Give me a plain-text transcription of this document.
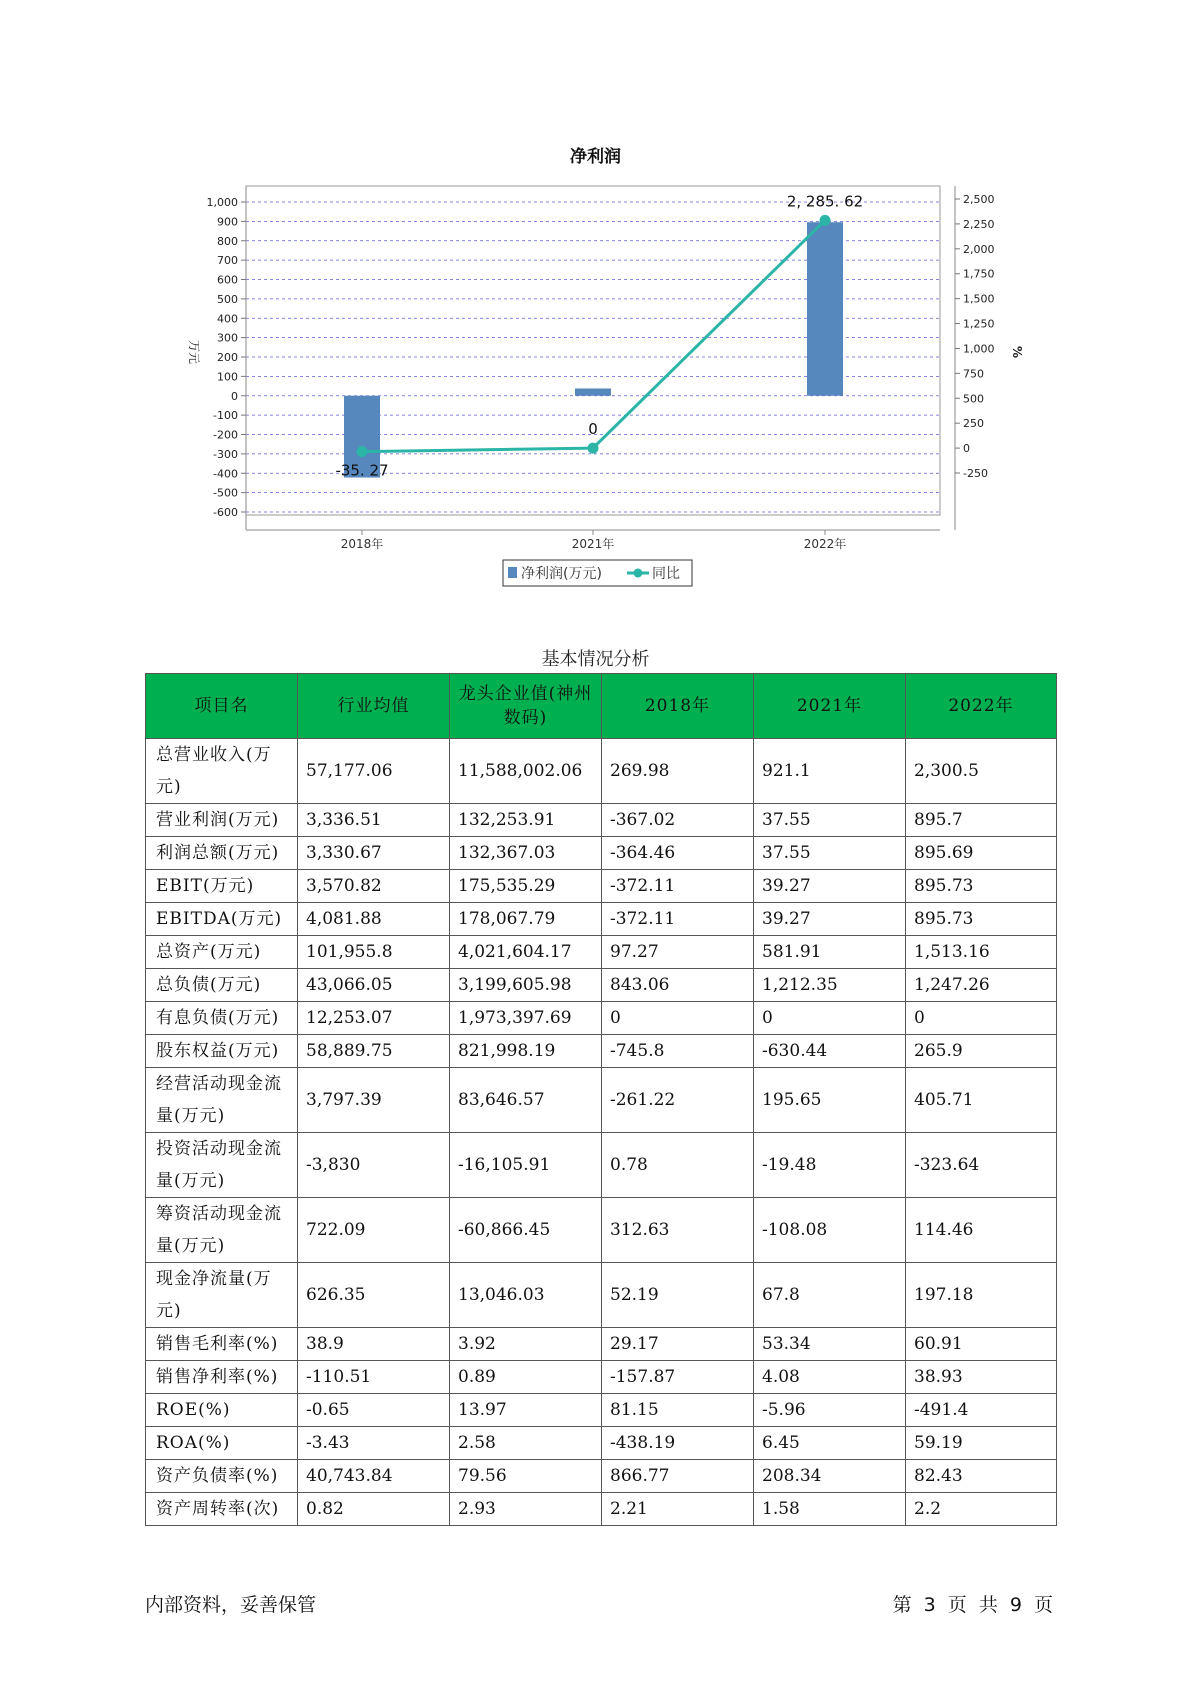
净利润
1,000
900
800
700
600
500
400
300
200
100
0
-100
-200
-300
-400
-500
-600
2,500
2,250
2,000
1,750
1,500
1,250
1,000
750
500
250
0
-250
2018年	2021年	2022年
万元	%
-35. 27
0
2, 285. 62
净利润(万元)	同比
基本情况分析
项目名	行业均值	龙头企业值(神州数码)	2018年	2021年	2022年
总营业收入(万元)	57,177.06	11,588,002.06	269.98	921.1	2,300.5
营业利润(万元)	3,336.51	132,253.91	-367.02	37.55	895.7
利润总额(万元)	3,330.67	132,367.03	-364.46	37.55	895.69
EBIT(万元)	3,570.82	175,535.29	-372.11	39.27	895.73
EBITDA(万元)	4,081.88	178,067.79	-372.11	39.27	895.73
总资产(万元)	101,955.8	4,021,604.17	97.27	581.91	1,513.16
总负债(万元)	43,066.05	3,199,605.98	843.06	1,212.35	1,247.26
有息负债(万元)	12,253.07	1,973,397.69	0	0	0
股东权益(万元)	58,889.75	821,998.19	-745.8	-630.44	265.9
经营活动现金流量(万元)	3,797.39	83,646.57	-261.22	195.65	405.71
投资活动现金流量(万元)	-3,830	-16,105.91	0.78	-19.48	-323.64
筹资活动现金流量(万元)	722.09	-60,866.45	312.63	-108.08	114.46
现金净流量(万元)	626.35	13,046.03	52.19	67.8	197.18
销售毛利率(%)	38.9	3.92	29.17	53.34	60.91
销售净利率(%)	-110.51	0.89	-157.87	4.08	38.93
ROE(%)	-0.65	13.97	81.15	-5.96	-491.4
ROA(%)	-3.43	2.58	-438.19	6.45	59.19
资产负债率(%)	40,743.84	79.56	866.77	208.34	82.43
资产周转率(次)	0.82	2.93	2.21	1.58	2.2
内部资料，妥善保管	第 3 页 共 9 页
